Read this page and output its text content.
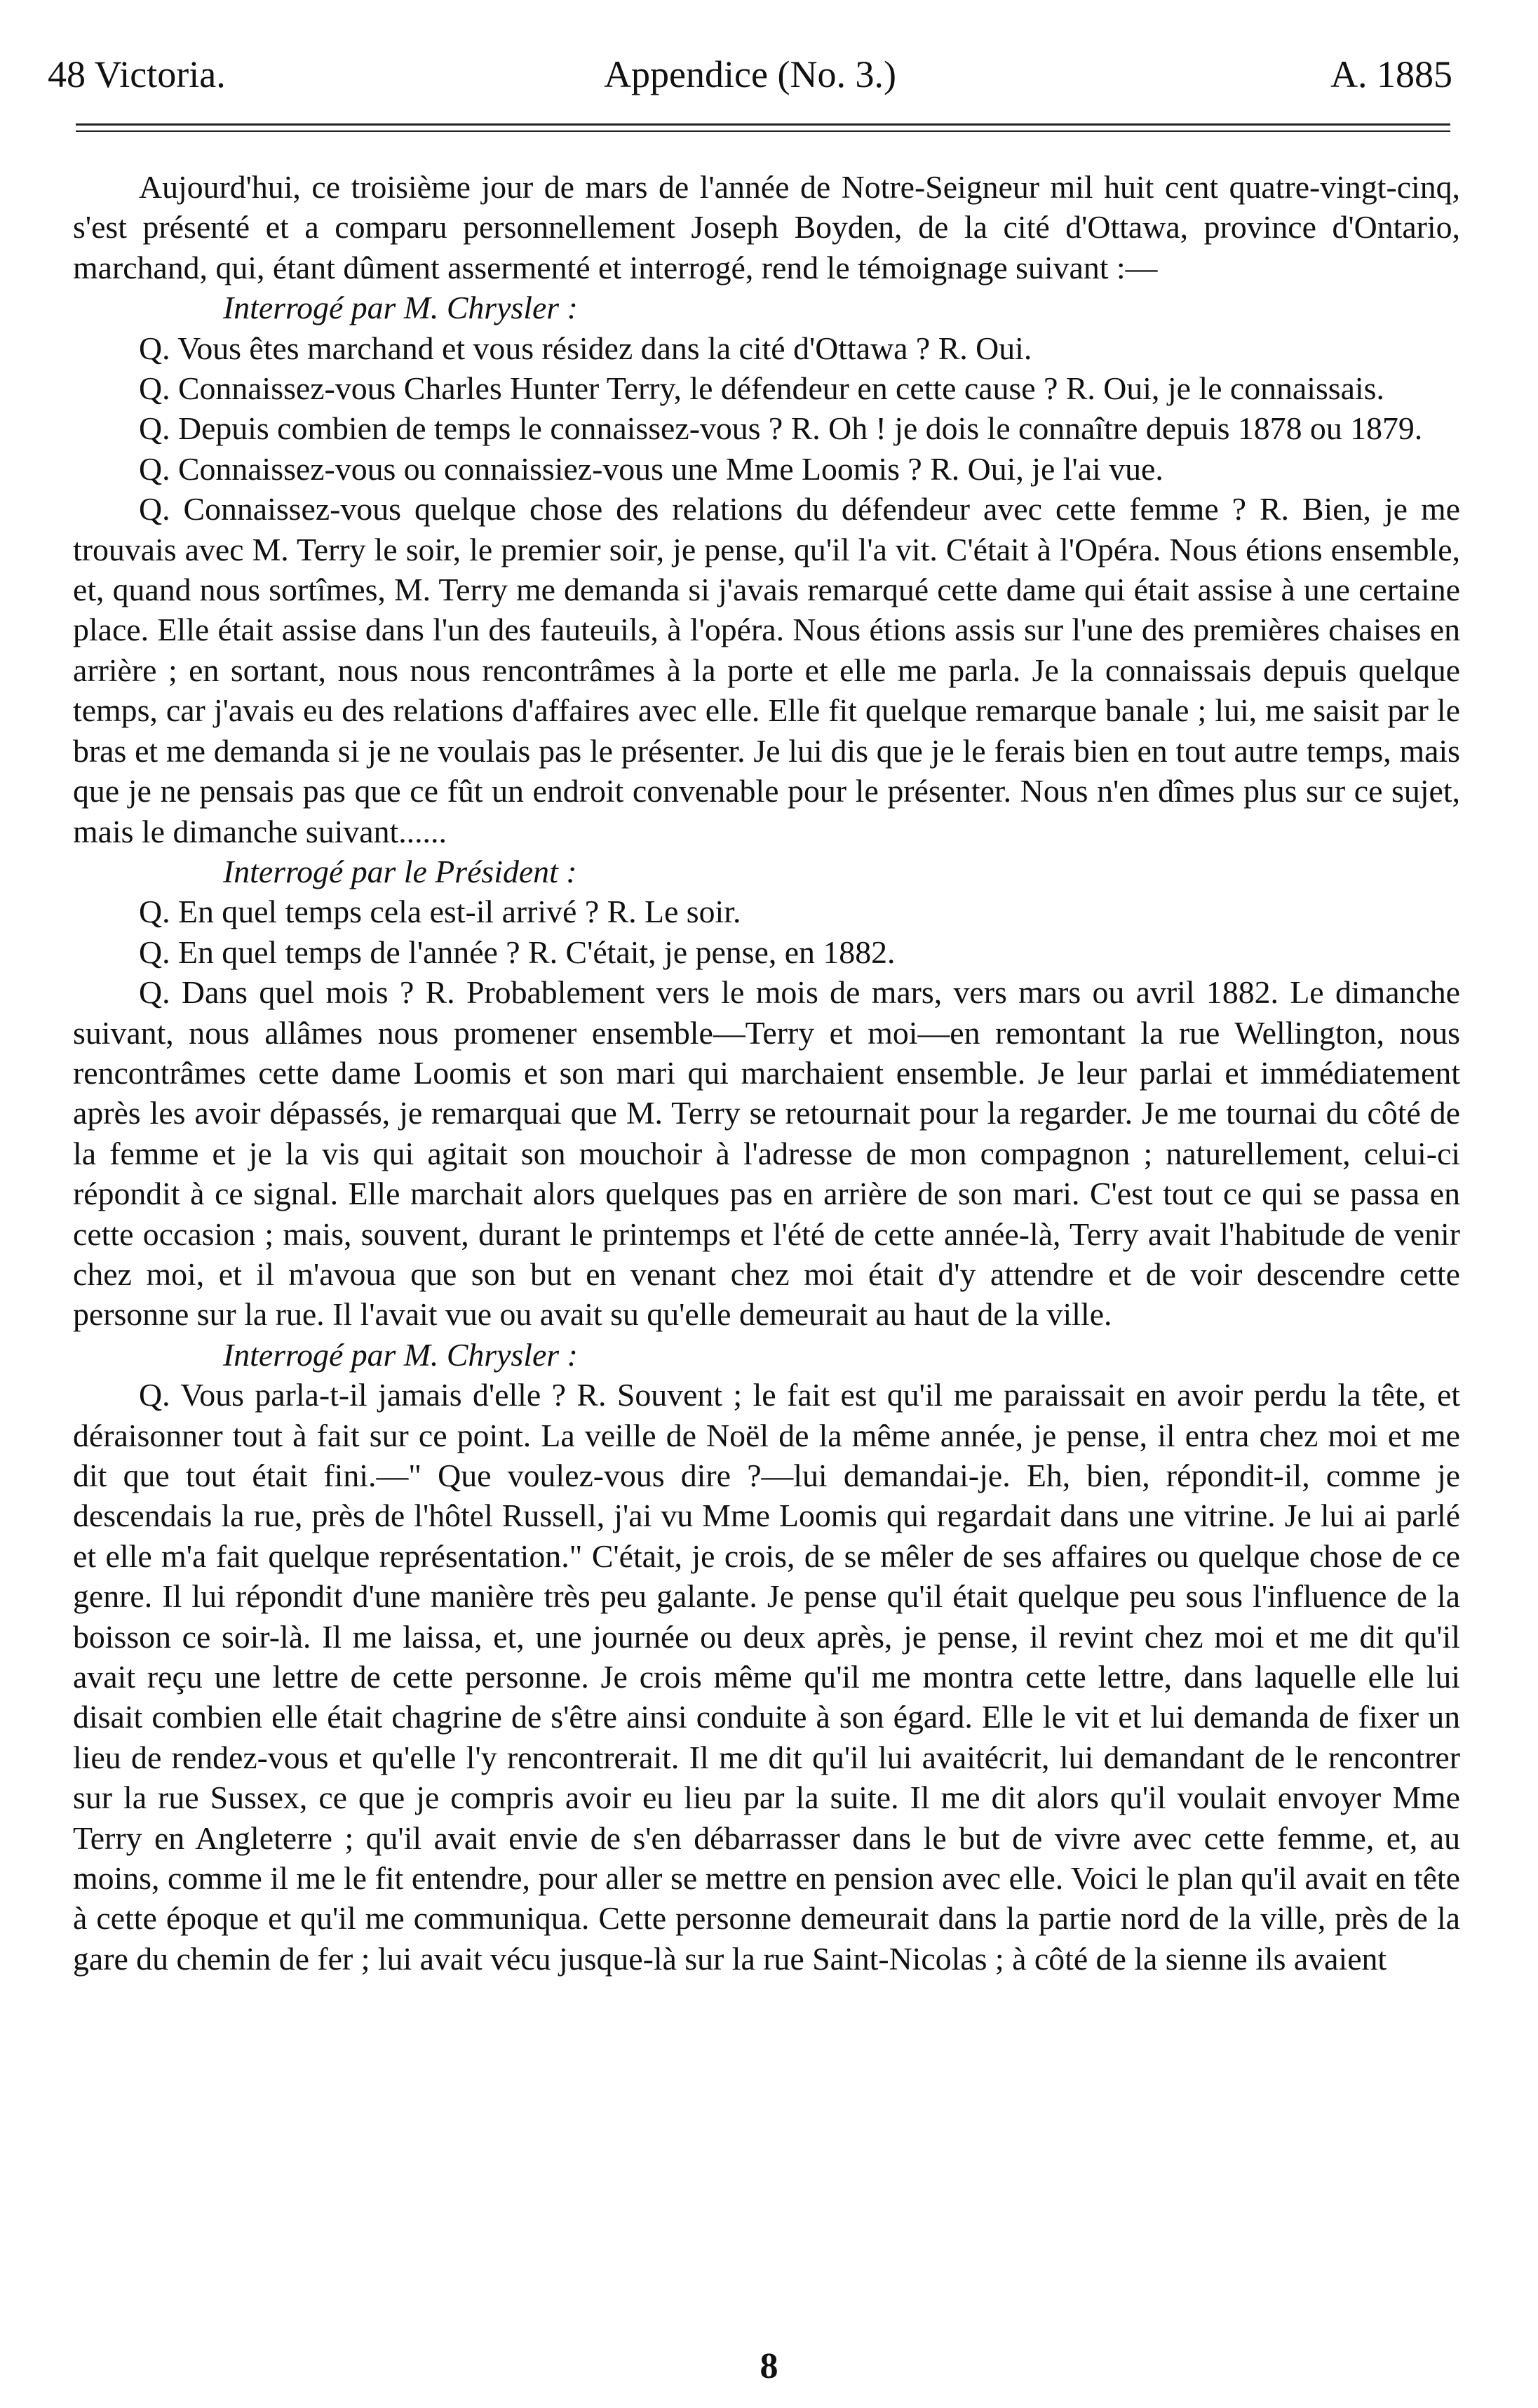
48 Victoria.	Appendice (No. 3.)	A. 1885

Aujourd'hui, ce troisième jour de mars de l'année de Notre-Seigneur mil huit cent quatre-vingt-cinq, s'est présenté et a comparu personnellement Joseph Boyden, de la cité d'Ottawa, province d'Ontario, marchand, qui, étant dûment assermenté et interrogé, rend le témoignage suivant :—

Interrogé par M. Chrysler :

Q. Vous êtes marchand et vous résidez dans la cité d'Ottawa ? R. Oui.

Q. Connaissez-vous Charles Hunter Terry, le défendeur en cette cause ? R. Oui, je le connaissais.

Q. Depuis combien de temps le connaissez-vous ? R. Oh ! je dois le connaître depuis 1878 ou 1879.

Q. Connaissez-vous ou connaissiez-vous une Mme Loomis ? R. Oui, je l'ai vue.

Q. Connaissez-vous quelque chose des relations du défendeur avec cette femme ? R. Bien, je me trouvais avec M. Terry le soir, le premier soir, je pense, qu'il l'a vit. C'était à l'Opéra. Nous étions ensemble, et, quand nous sortîmes, M. Terry me demanda si j'avais remarqué cette dame qui était assise à une certaine place. Elle était assise dans l'un des fauteuils, à l'opéra. Nous étions assis sur l'une des premières chaises en arrière ; en sortant, nous nous rencontrâmes à la porte et elle me parla. Je la connaissais depuis quelque temps, car j'avais eu des relations d'affaires avec elle. Elle fit quelque remarque banale ; lui, me saisit par le bras et me demanda si je ne voulais pas le présenter. Je lui dis que je le ferais bien en tout autre temps, mais que je ne pensais pas que ce fût un endroit convenable pour le présenter. Nous n'en dîmes plus sur ce sujet, mais le dimanche suivant......

Interrogé par le Président :

Q. En quel temps cela est-il arrivé ? R. Le soir.

Q. En quel temps de l'année ? R. C'était, je pense, en 1882.

Q. Dans quel mois ? R. Probablement vers le mois de mars, vers mars ou avril 1882. Le dimanche suivant, nous allâmes nous promener ensemble—Terry et moi—en remontant la rue Wellington, nous rencontrâmes cette dame Loomis et son mari qui marchaient ensemble. Je leur parlai et immédiatement après les avoir dépassés, je remarquai que M. Terry se retournait pour la regarder. Je me tournai du côté de la femme et je la vis qui agitait son mouchoir à l'adresse de mon compagnon ; naturellement, celui-ci répondit à ce signal. Elle marchait alors quelques pas en arrière de son mari. C'est tout ce qui se passa en cette occasion ; mais, souvent, durant le printemps et l'été de cette année-là, Terry avait l'habitude de venir chez moi, et il m'avoua que son but en venant chez moi était d'y attendre et de voir descendre cette personne sur la rue. Il l'avait vue ou avait su qu'elle demeurait au haut de la ville.

Interrogé par M. Chrysler :

Q. Vous parla-t-il jamais d'elle ? R. Souvent ; le fait est qu'il me paraissait en avoir perdu la tête, et déraisonner tout à fait sur ce point. La veille de Noël de la même année, je pense, il entra chez moi et me dit que tout était fini.—" Que voulez-vous dire ?—lui demandai-je. Eh, bien, répondit-il, comme je descendais la rue, près de l'hôtel Russell, j'ai vu Mme Loomis qui regardait dans une vitrine. Je lui ai parlé et elle m'a fait quelque représentation." C'était, je crois, de se mêler de ses affaires ou quelque chose de ce genre. Il lui répondit d'une manière très peu galante. Je pense qu'il était quelque peu sous l'influence de la boisson ce soir-là. Il me laissa, et, une journée ou deux après, je pense, il revint chez moi et me dit qu'il avait reçu une lettre de cette personne. Je crois même qu'il me montra cette lettre, dans laquelle elle lui disait combien elle était chagrine de s'être ainsi conduite à son égard. Elle le vit et lui demanda de fixer un lieu de rendez-vous et qu'elle l'y rencontrerait. Il me dit qu'il lui avaitécrit, lui demandant de le rencontrer sur la rue Sussex, ce que je compris avoir eu lieu par la suite. Il me dit alors qu'il voulait envoyer Mme Terry en Angleterre ; qu'il avait envie de s'en débarrasser dans le but de vivre avec cette femme, et, au moins, comme il me le fit entendre, pour aller se mettre en pension avec elle. Voici le plan qu'il avait en tête à cette époque et qu'il me communiqua. Cette personne demeurait dans la partie nord de la ville, près de la gare du chemin de fer ; lui avait vécu jusque-là sur la rue Saint-Nicolas ; à côté de la sienne ils avaient

8
